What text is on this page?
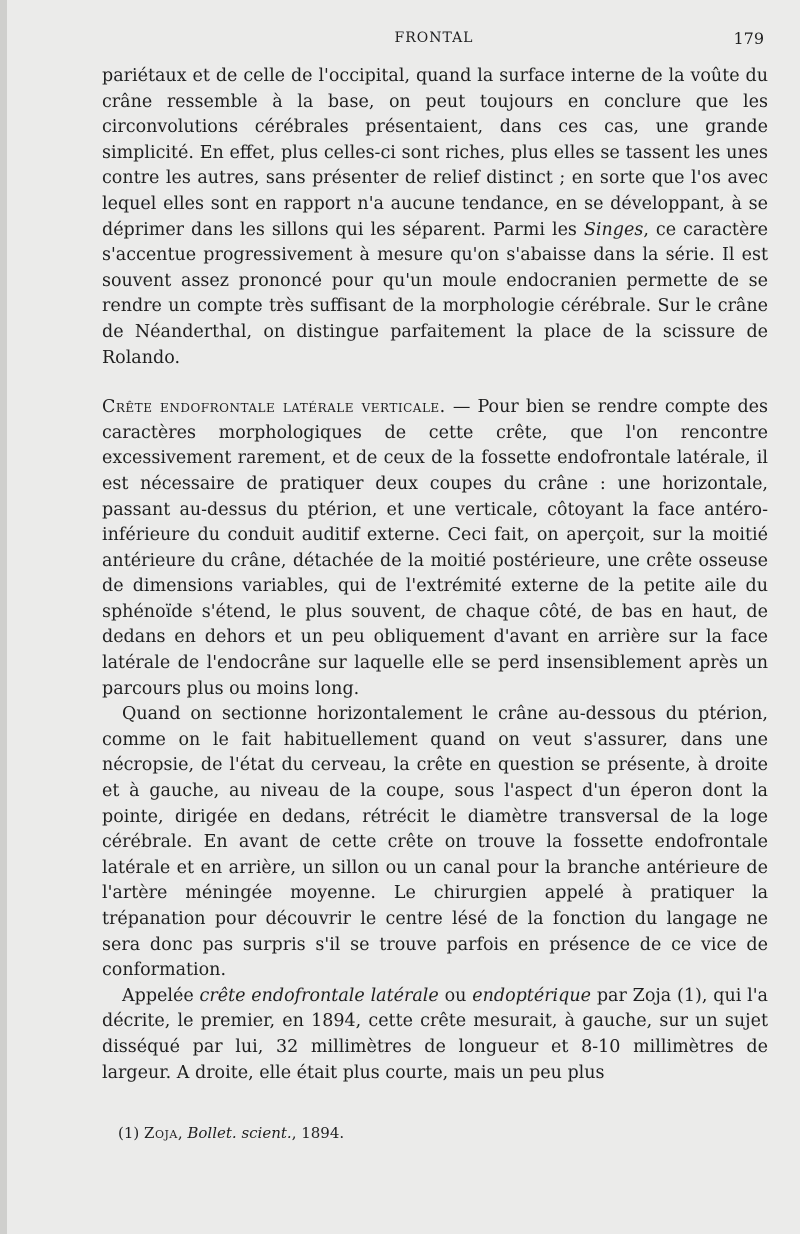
FRONTAL	179

pariétaux et de celle de l'occipital, quand la surface interne de la voûte du crâne ressemble à la base, on peut toujours en conclure que les circonvolutions cérébrales présentaient, dans ces cas, une grande simplicité. En effet, plus celles-ci sont riches, plus elles se tassent les unes contre les autres, sans présenter de relief distinct ; en sorte que l'os avec lequel elles sont en rapport n'a aucune tendance, en se développant, à se déprimer dans les sillons qui les séparent. Parmi les Singes, ce caractère s'accentue progressivement à mesure qu'on s'abaisse dans la série. Il est souvent assez prononcé pour qu'un moule endocranien permette de se rendre un compte très suffisant de la morphologie cérébrale. Sur le crâne de Néanderthal, on distingue parfaitement la place de la scissure de Rolando.

Crête endofrontale latérale verticale. — Pour bien se rendre compte des caractères morphologiques de cette crête, que l'on rencontre excessivement rarement, et de ceux de la fossette endofrontale latérale, il est nécessaire de pratiquer deux coupes du crâne : une horizontale, passant au-dessus du ptérion, et une verticale, côtoyant la face antéro-inférieure du conduit auditif externe. Ceci fait, on aperçoit, sur la moitié antérieure du crâne, détachée de la moitié postérieure, une crête osseuse de dimensions variables, qui de l'extrémité externe de la petite aile du sphénoïde s'étend, le plus souvent, de chaque côté, de bas en haut, de dedans en dehors et un peu obliquement d'avant en arrière sur la face latérale de l'endocrâne sur laquelle elle se perd insensiblement après un parcours plus ou moins long.

Quand on sectionne horizontalement le crâne au-dessous du ptérion, comme on le fait habituellement quand on veut s'assurer, dans une nécropsie, de l'état du cerveau, la crête en question se présente, à droite et à gauche, au niveau de la coupe, sous l'aspect d'un éperon dont la pointe, dirigée en dedans, rétrécit le diamètre transversal de la loge cérébrale. En avant de cette crête on trouve la fossette endofrontale latérale et en arrière, un sillon ou un canal pour la branche antérieure de l'artère méningée moyenne. Le chirurgien appelé à pratiquer la trépanation pour découvrir le centre lésé de la fonction du langage ne sera donc pas surpris s'il se trouve parfois en présence de ce vice de conformation.

Appelée crête endofrontale latérale ou endoptérique par Zoja (1), qui l'a décrite, le premier, en 1894, cette crête mesurait, à gauche, sur un sujet disséqué par lui, 32 millimètres de longueur et 8-10 millimètres de largeur. A droite, elle était plus courte, mais un peu plus

(1) Zoja, Bollet. scient., 1894.
